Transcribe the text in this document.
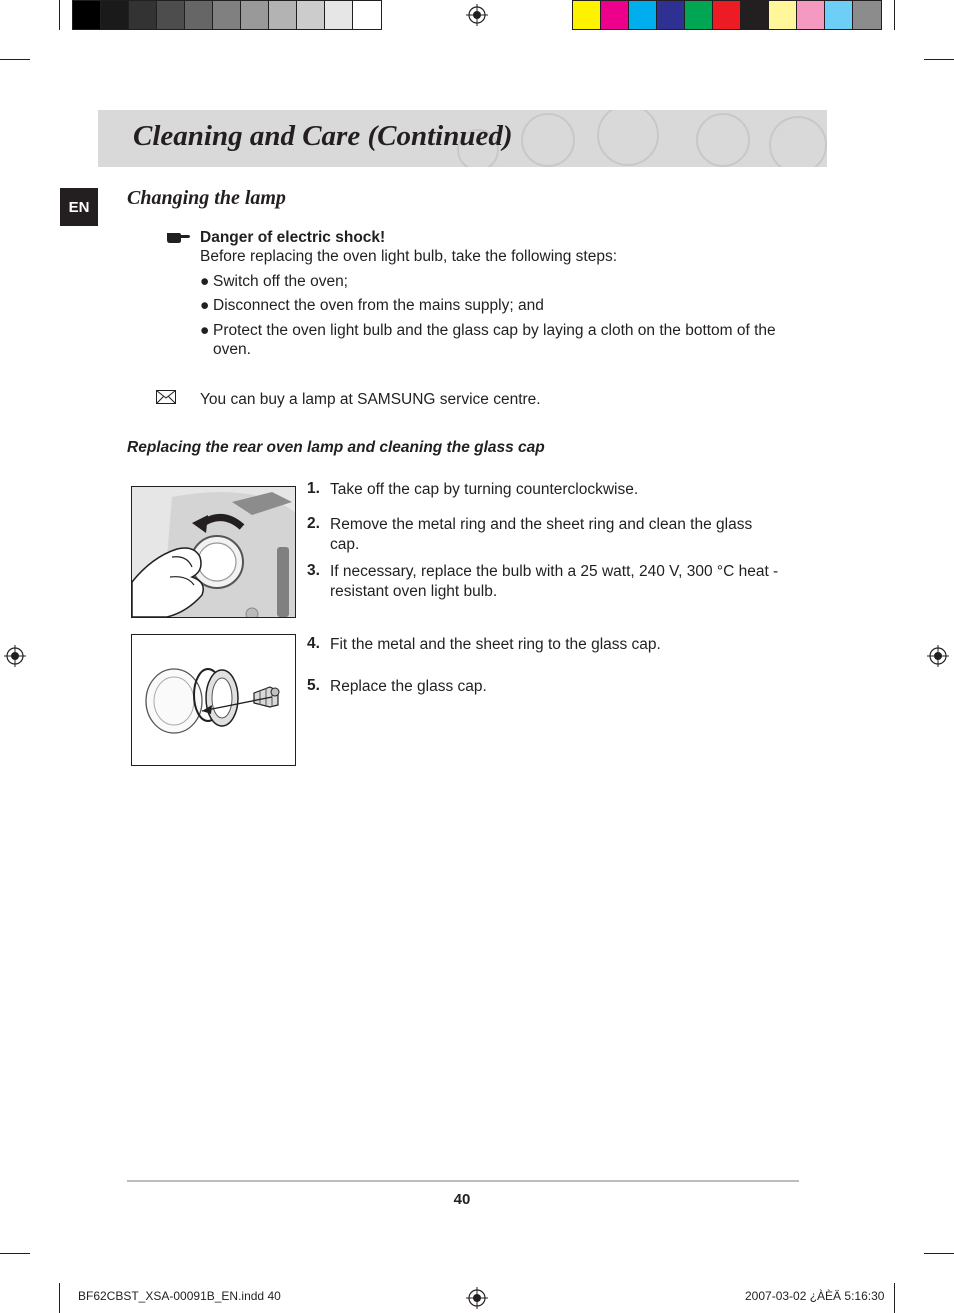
Cleaning and Care (Continued)
EN	Changing the lamp
Danger of electric shock!
Before replacing the oven light bulb, take the following steps:
● Switch off the oven;
● Disconnect the oven from the mains supply; and
● Protect the oven light bulb and the glass cap by laying a cloth on the bottom of the
oven.
You can buy a lamp at SAMSUNG service centre.
Replacing the rear oven lamp and cleaning the glass cap
1. Take off the cap by turning counterclockwise.
2. Remove the metal ring and the sheet ring and clean the glass cap.
3. If necessary, replace the bulb with a 25 watt, 240 V, 300 °C heat - resistant oven light bulb.
4. Fit the metal and the sheet ring to the glass cap.
5. Replace the glass cap.
40
BF62CBST_XSA-00091B_EN.indd 40	2007-03-02 ¿ÀÈÄ 5:16:30
